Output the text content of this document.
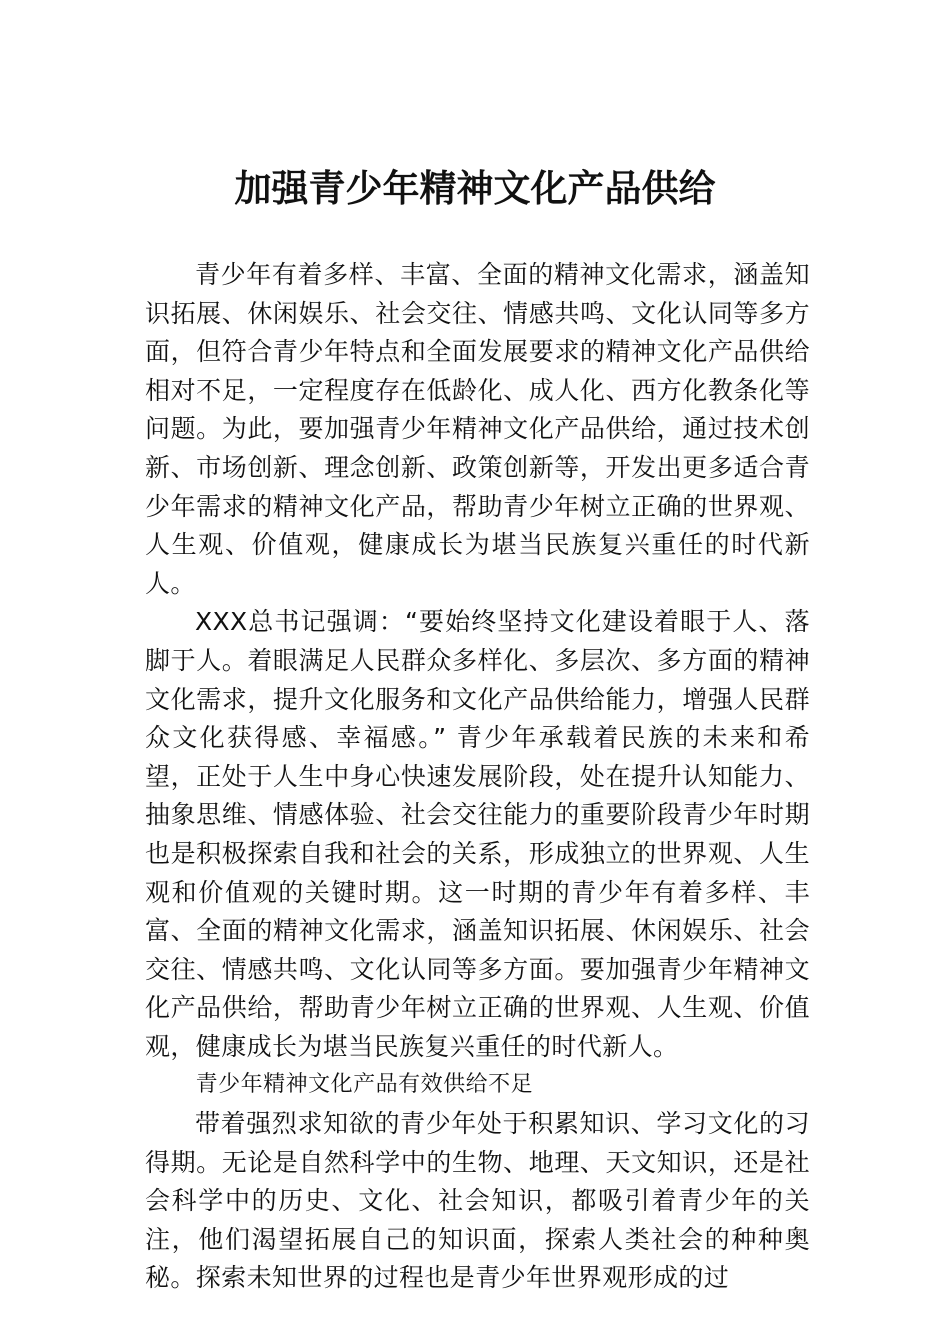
加强青少年精神文化产品供给

青少年有着多样、丰富、全面的精神文化需求，涵盖知识拓展、休闲娱乐、社会交往、情感共鸣、文化认同等多方面，但符合青少年特点和全面发展要求的精神文化产品供给相对不足，一定程度存在低龄化、成人化、西方化教条化等问题。为此，要加强青少年精神文化产品供给，通过技术创新、市场创新、理念创新、政策创新等，开发出更多适合青少年需求的精神文化产品，帮助青少年树立正确的世界观、人生观、价值观，健康成长为堪当民族复兴重任的时代新人。

XXX总书记强调：“要始终坚持文化建设着眼于人、落脚于人。着眼满足人民群众多样化、多层次、多方面的精神文化需求，提升文化服务和文化产品供给能力，增强人民群众文化获得感、幸福感。” 青少年承载着民族的未来和希望，正处于人生中身心快速发展阶段，处在提升认知能力、抽象思维、情感体验、社会交往能力的重要阶段青少年时期也是积极探索自我和社会的关系，形成独立的世界观、人生观和价值观的关键时期。这一时期的青少年有着多样、丰富、全面的精神文化需求，涵盖知识拓展、休闲娱乐、社会交往、情感共鸣、文化认同等多方面。要加强青少年精神文化产品供给，帮助青少年树立正确的世界观、人生观、价值观，健康成长为堪当民族复兴重任的时代新人。

青少年精神文化产品有效供给不足

带着强烈求知欲的青少年处于积累知识、学习文化的习得期。无论是自然科学中的生物、地理、天文知识，还是社会科学中的历史、文化、社会知识，都吸引着青少年的关注，他们渴望拓展自己的知识面，探索人类社会的种种奥秘。探索未知世界的过程也是青少年世界观形成的过
